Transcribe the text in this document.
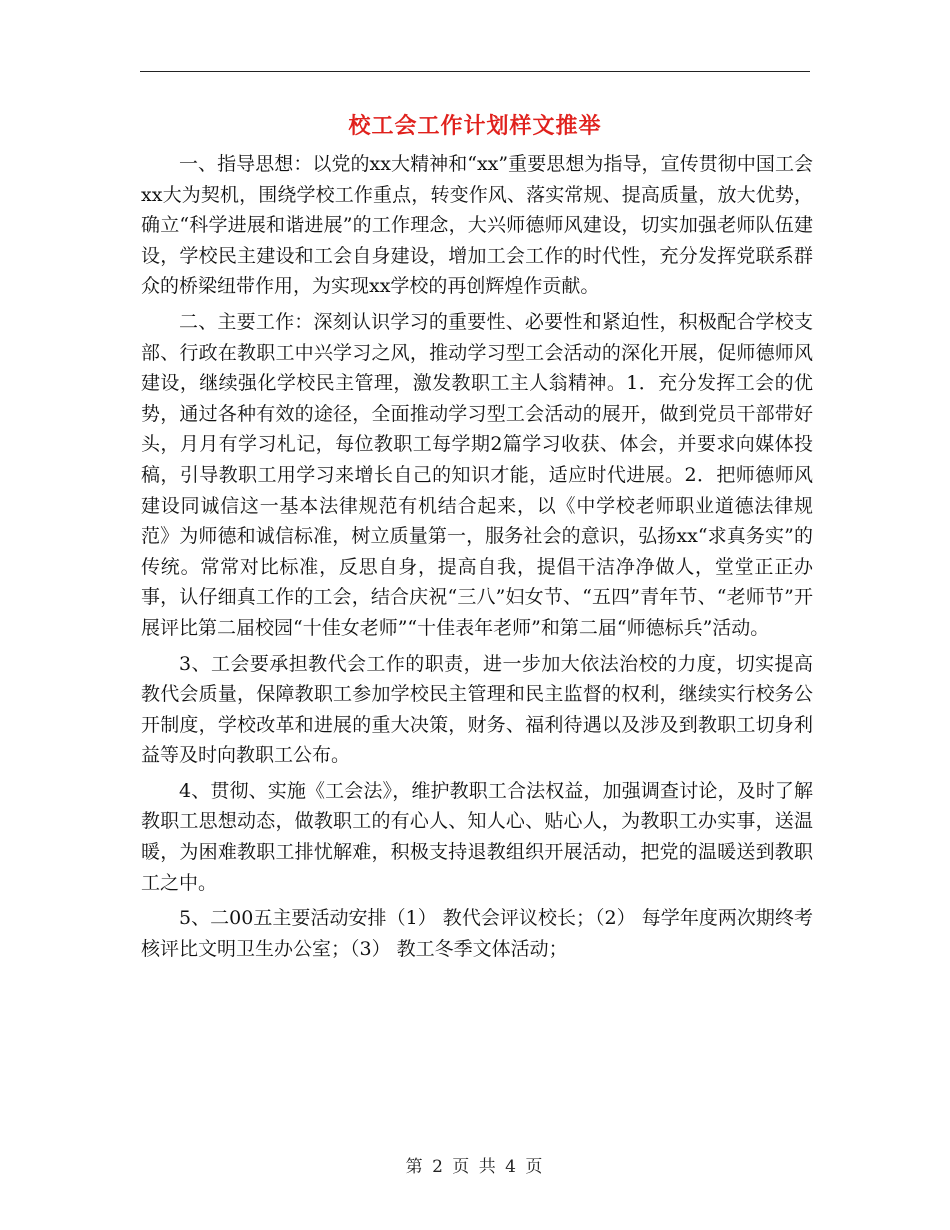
校工会工作计划样文推举

一、指导思想：以党的xx大精神和“xx”重要思想为指导，宣传贯彻中国工会xx大为契机，围绕学校工作重点，转变作风、落实常规、提高质量，放大优势，确立“科学进展和谐进展”的工作理念，大兴师德师风建设，切实加强老师队伍建设，学校民主建设和工会自身建设，增加工会工作的时代性，充分发挥党联系群众的桥梁纽带作用，为实现xx学校的再创辉煌作贡献。

二、主要工作：深刻认识学习的重要性、必要性和紧迫性，积极配合学校支部、行政在教职工中兴学习之风，推动学习型工会活动的深化开展，促师德师风建设，继续强化学校民主管理，激发教职工主人翁精神。1．充分发挥工会的优势，通过各种有效的途径，全面推动学习型工会活动的展开，做到党员干部带好头，月月有学习札记，每位教职工每学期2篇学习收获、体会，并要求向媒体投稿，引导教职工用学习来增长自己的知识才能，适应时代进展。2．把师德师风建设同诚信这一基本法律规范有机结合起来，以《中学校老师职业道德法律规范》为师德和诚信标准，树立质量第一，服务社会的意识，弘扬xx“求真务实”的传统。常常对比标准，反思自身，提高自我，提倡干洁净净做人，堂堂正正办事，认仔细真工作的工会，结合庆祝“三八”妇女节、“五四”青年节、“老师节”开展评比第二届校园“十佳女老师”“十佳表年老师”和第二届“师德标兵”活动。

3、工会要承担教代会工作的职责，进一步加大依法治校的力度，切实提高教代会质量，保障教职工参加学校民主管理和民主监督的权利，继续实行校务公开制度，学校改革和进展的重大决策，财务、福利待遇以及涉及到教职工切身利益等及时向教职工公布。

4、贯彻、实施《工会法》，维护教职工合法权益，加强调查讨论，及时了解教职工思想动态，做教职工的有心人、知人心、贴心人，为教职工办实事，送温暖，为困难教职工排忧解难，积极支持退教组织开展活动，把党的温暖送到教职工之中。

5、二00五主要活动安排（1） 教代会评议校长；（2） 每学年度两次期终考核评比文明卫生办公室；（3） 教工冬季文体活动；

第 2 页 共 4 页
